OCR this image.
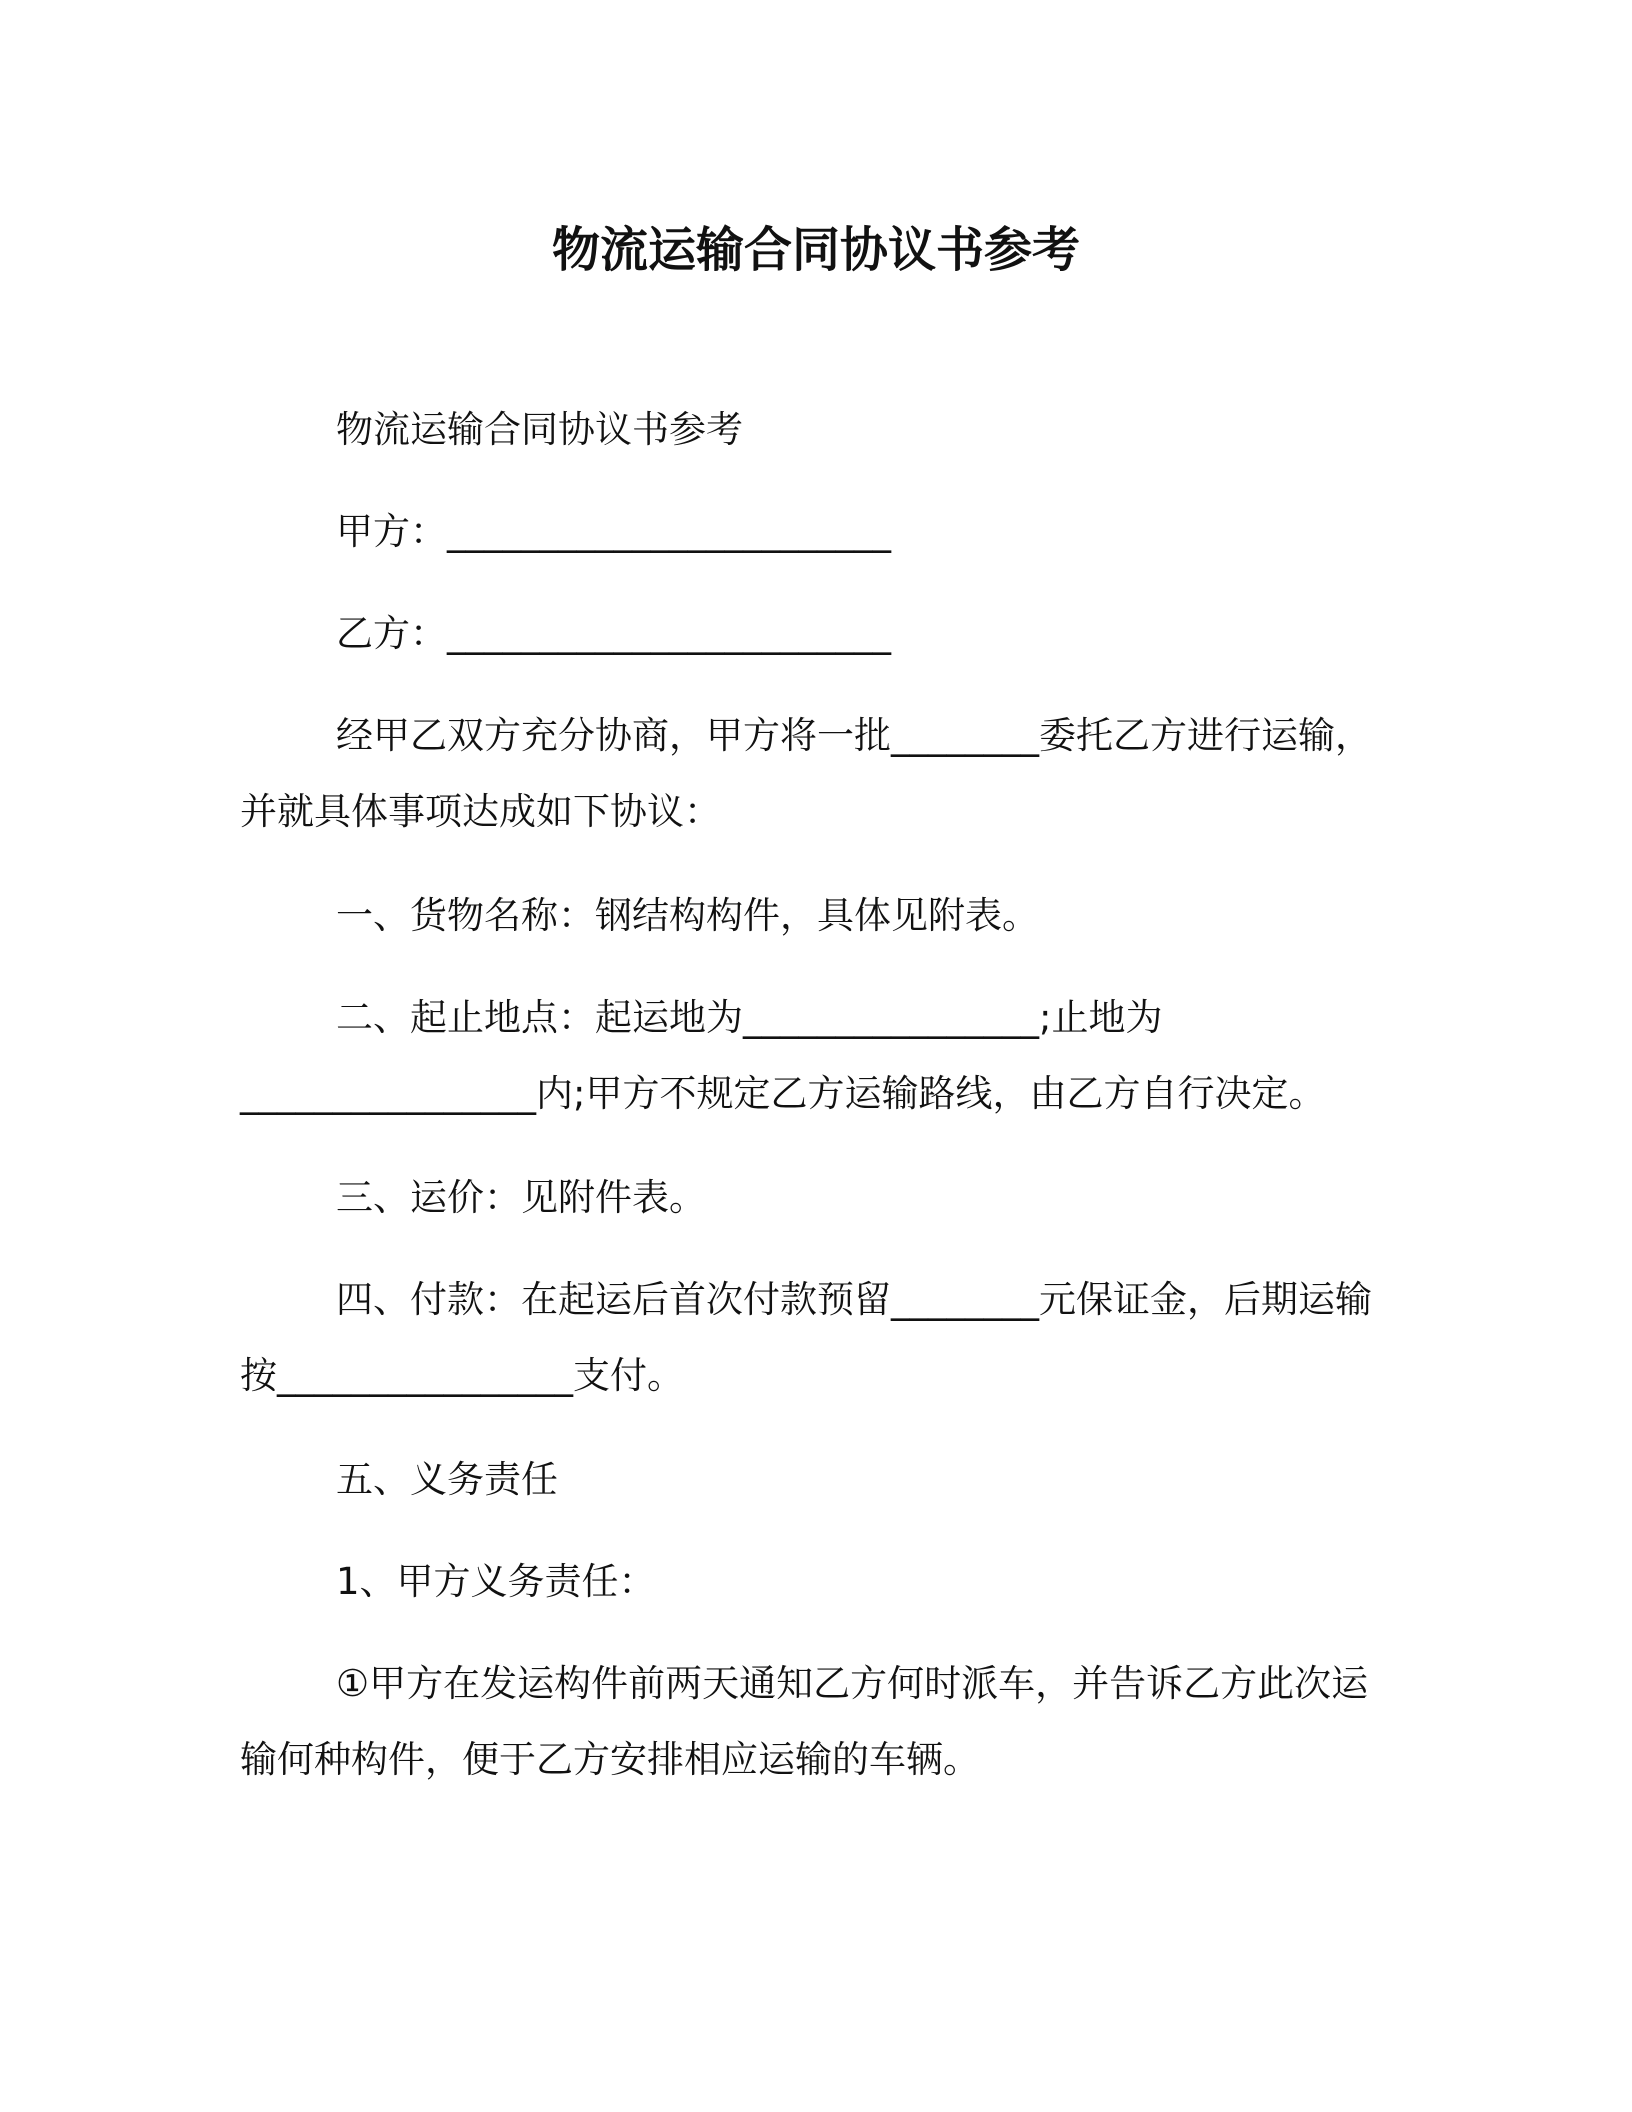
物流运输合同协议书参考

物流运输合同协议书参考

甲方：________________________

乙方：________________________

经甲乙双方充分协商，甲方将一批________委托乙方进行运输，并就具体事项达成如下协议：

一、货物名称：钢结构构件，具体见附表。

二、起止地点：起运地为________________;止地为________________内;甲方不规定乙方运输路线，由乙方自行决定。

三、运价：见附件表。

四、付款：在起运后首次付款预留________元保证金，后期运输按________________支付。

五、义务责任

1、甲方义务责任：

①甲方在发运构件前两天通知乙方何时派车，并告诉乙方此次运输何种构件，便于乙方安排相应运输的车辆。
